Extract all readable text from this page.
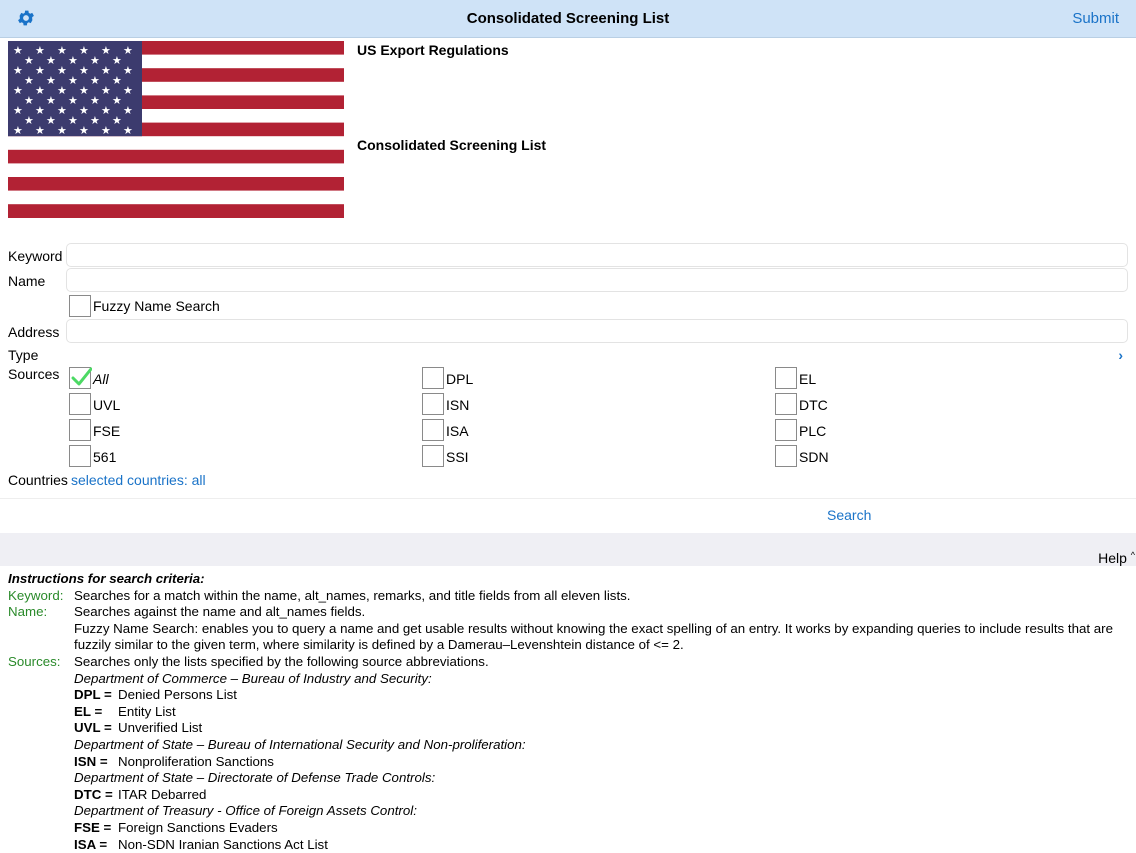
Consolidated Screening List	Submit
★ ★ ★ ★ ★ ★
★ ★ ★ ★ ★
★ ★ ★ ★ ★ ★
★ ★ ★ ★ ★
★ ★ ★ ★ ★ ★
★ ★ ★ ★ ★
★ ★ ★ ★ ★ ★
★ ★ ★ ★ ★
★ ★ ★ ★ ★ ★
US Export Regulations
Consolidated Screening List
Keyword
Name
Fuzzy Name Search
Address
Type	›
Sources All	DPL	EL
UVL	ISN	DTC
FSE	ISA	PLC
561	SSI	SDN
Countries selected countries: all
Search
Help ^
Instructions for search criteria:
Keyword: Searches for a match within the name, alt_names, remarks, and title fields from all eleven lists.
Name:	Searches against the name and alt_names fields.
Fuzzy Name Search: enables you to query a name and get usable results without knowing the exact spelling of an entry. It works by expanding queries to include results that are fuzzily similar to the given term, where similarity is defined by a Damerau–Levenshtein distance of <= 2.
Sources:	Searches only the lists specified by the following source abbreviations.
Department of Commerce – Bureau of Industry and Security:
DPL = Denied Persons List
EL = Entity List
UVL = Unverified List
Department of State – Bureau of International Security and Non-proliferation:
ISN = Nonproliferation Sanctions
Department of State – Directorate of Defense Trade Controls:
DTC = ITAR Debarred
Department of Treasury - Office of Foreign Assets Control:
FSE = Foreign Sanctions Evaders
ISA = Non-SDN Iranian Sanctions Act List
